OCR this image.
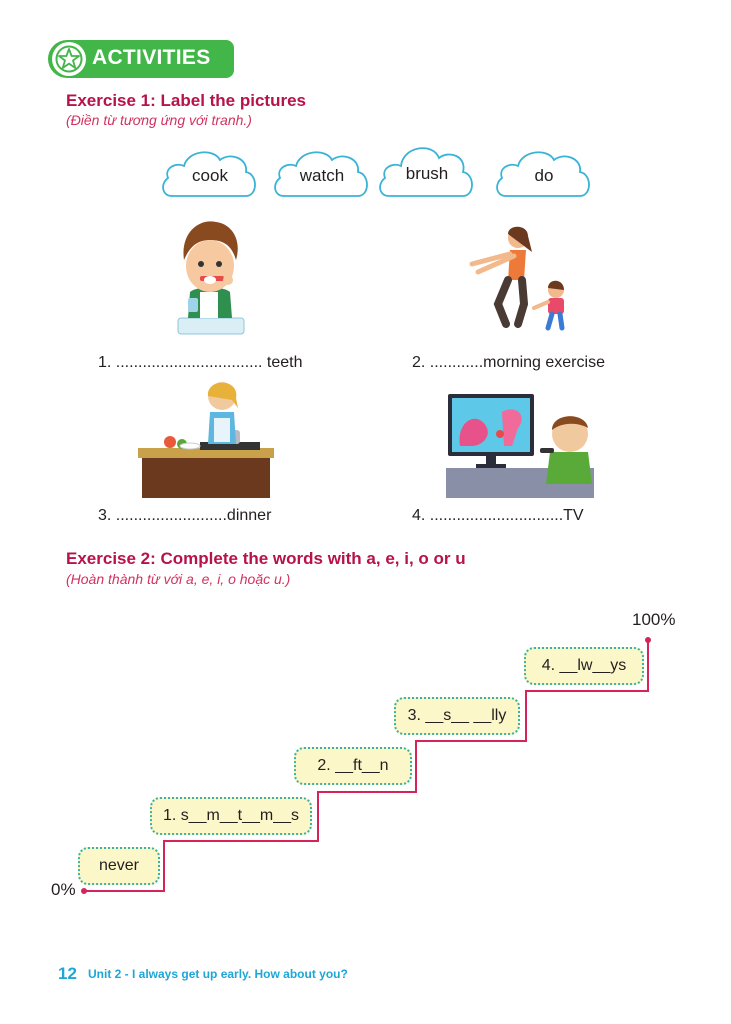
ACTIVITIES
Exercise 1: Label the pictures
(Điền từ tương ứng với tranh.)
cook	watch	brush	do
1. ................................. teeth	2. ............morning exercise
3. .........................dinner	4. ..............................TV
Exercise 2: Complete the words with a, e, i, o or u
(Hoàn thành từ với a, e, i, o hoặc u.)
never
1. s__m__t__m__s
2. __ft__n
3. __s__ __lly
4. __lw__ys
0%
100%
12 Unit 2 - I always get up early. How about you?
